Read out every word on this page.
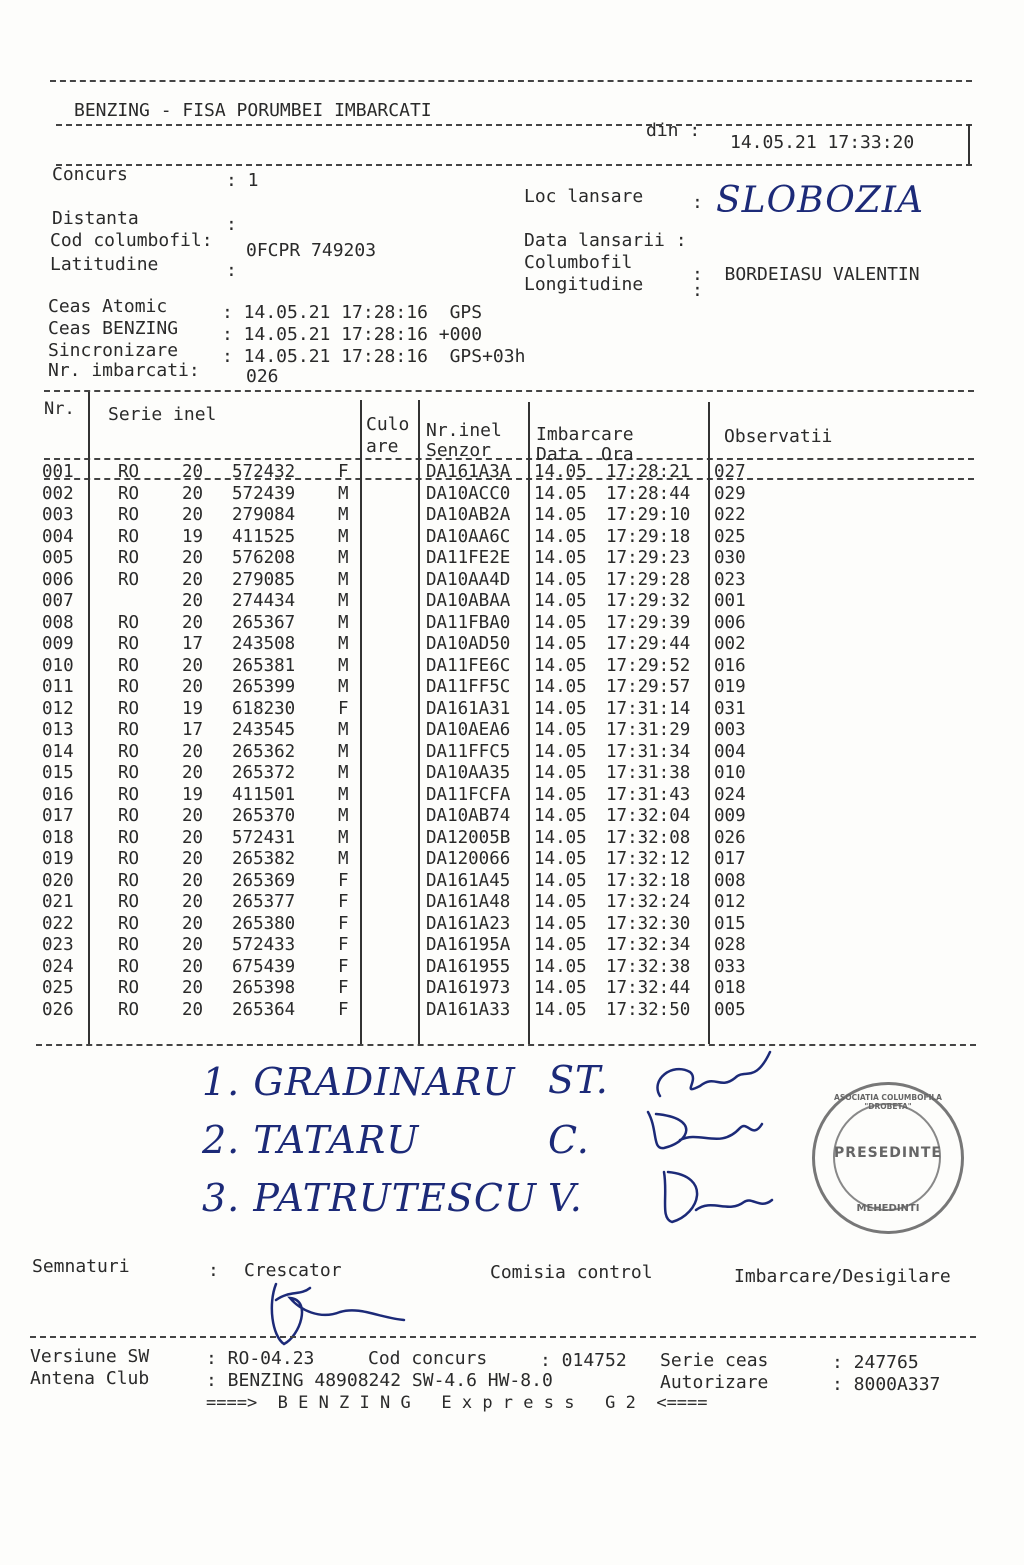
BENZING - FISA PORUMBEI IMBARCATI
din :
14.05.21 17:33:20
Concurs	: 1
Loc lansare	: SLOBOZIA
Distanta	:
Cod columbofil: 0FCPR 749203
Latitudine	:
Data lansarii :
Columbofil
:  BORDEIASU VALENTIN
Longitudine	:
Ceas Atomic	: 14.05.21 17:28:16  GPS
Ceas BENZING : 14.05.21 17:28:16 +000
Sincronizare : 14.05.21 17:28:16  GPS+03h
Nr. imbarcati:	026
Nr. Serie inel	Culo
are
Nr.inel
Senzor
Imbarcare
Data  Ora
Observatii
001	RO 20 572432 F	DA161A3A 14.05 17:28:21 027
002	RO 20 572439 M	DA10ACC0 14.05 17:28:44 029
003	RO 20 279084 M	DA10AB2A 14.05 17:29:10 022
004	RO 19 411525 M	DA10AA6C 14.05 17:29:18 025
005	RO 20 576208 M	DA11FE2E 14.05 17:29:23 030
006	RO 20 279085 M	DA10AA4D 14.05 17:29:28 023
007	20 274434 M	DA10ABAA 14.05 17:29:32 001
008	RO 20 265367 M	DA11FBA0 14.05 17:29:39 006
009	RO 17 243508 M	DA10AD50 14.05 17:29:44 002
010	RO 20 265381 M	DA11FE6C 14.05 17:29:52 016
011	RO 20 265399 M	DA11FF5C 14.05 17:29:57 019
012	RO 19 618230 F	DA161A31 14.05 17:31:14 031
013	RO 17 243545 M	DA10AEA6 14.05 17:31:29 003
014	RO 20 265362 M	DA11FFC5 14.05 17:31:34 004
015	RO 20 265372 M	DA10AA35 14.05 17:31:38 010
016	RO 19 411501 M	DA11FCFA 14.05 17:31:43 024
017	RO 20 265370 M	DA10AB74 14.05 17:32:04 009
018	RO 20 572431 M	DA12005B 14.05 17:32:08 026
019	RO 20 265382 M	DA120066 14.05 17:32:12 017
020	RO 20 265369 F	DA161A45 14.05 17:32:18 008
021	RO 20 265377 F	DA161A48 14.05 17:32:24 012
022	RO 20 265380 F	DA161A23 14.05 17:32:30 015
023	RO 20 572433 F	DA16195A 14.05 17:32:34 028
024	RO 20 675439 F	DA161955 14.05 17:32:38 033
025	RO 20 265398 F	DA161973 14.05 17:32:44 018
026	RO 20 265364 F	DA161A33 14.05 17:32:50 005
1. GRADINARU ST.
2. TATARU	C.
3. PATRUTESCU V.
ASOCIATIA COLUMBOFILA "DROBETA"
PRESEDINTE
MEHEDINTI
Semnaturi	: Crescator	Comisia control	Imbarcare/Desigilare
Versiune SW	: RO-04.23	Cod concurs	: 014752 Serie ceas	: 247765
Antena Club	: BENZING 48908242 SW-4.6 HW-8.0	Autorizare	: 8000A337
====>  B E N Z I N G   E x p r e s s   G 2  <====
